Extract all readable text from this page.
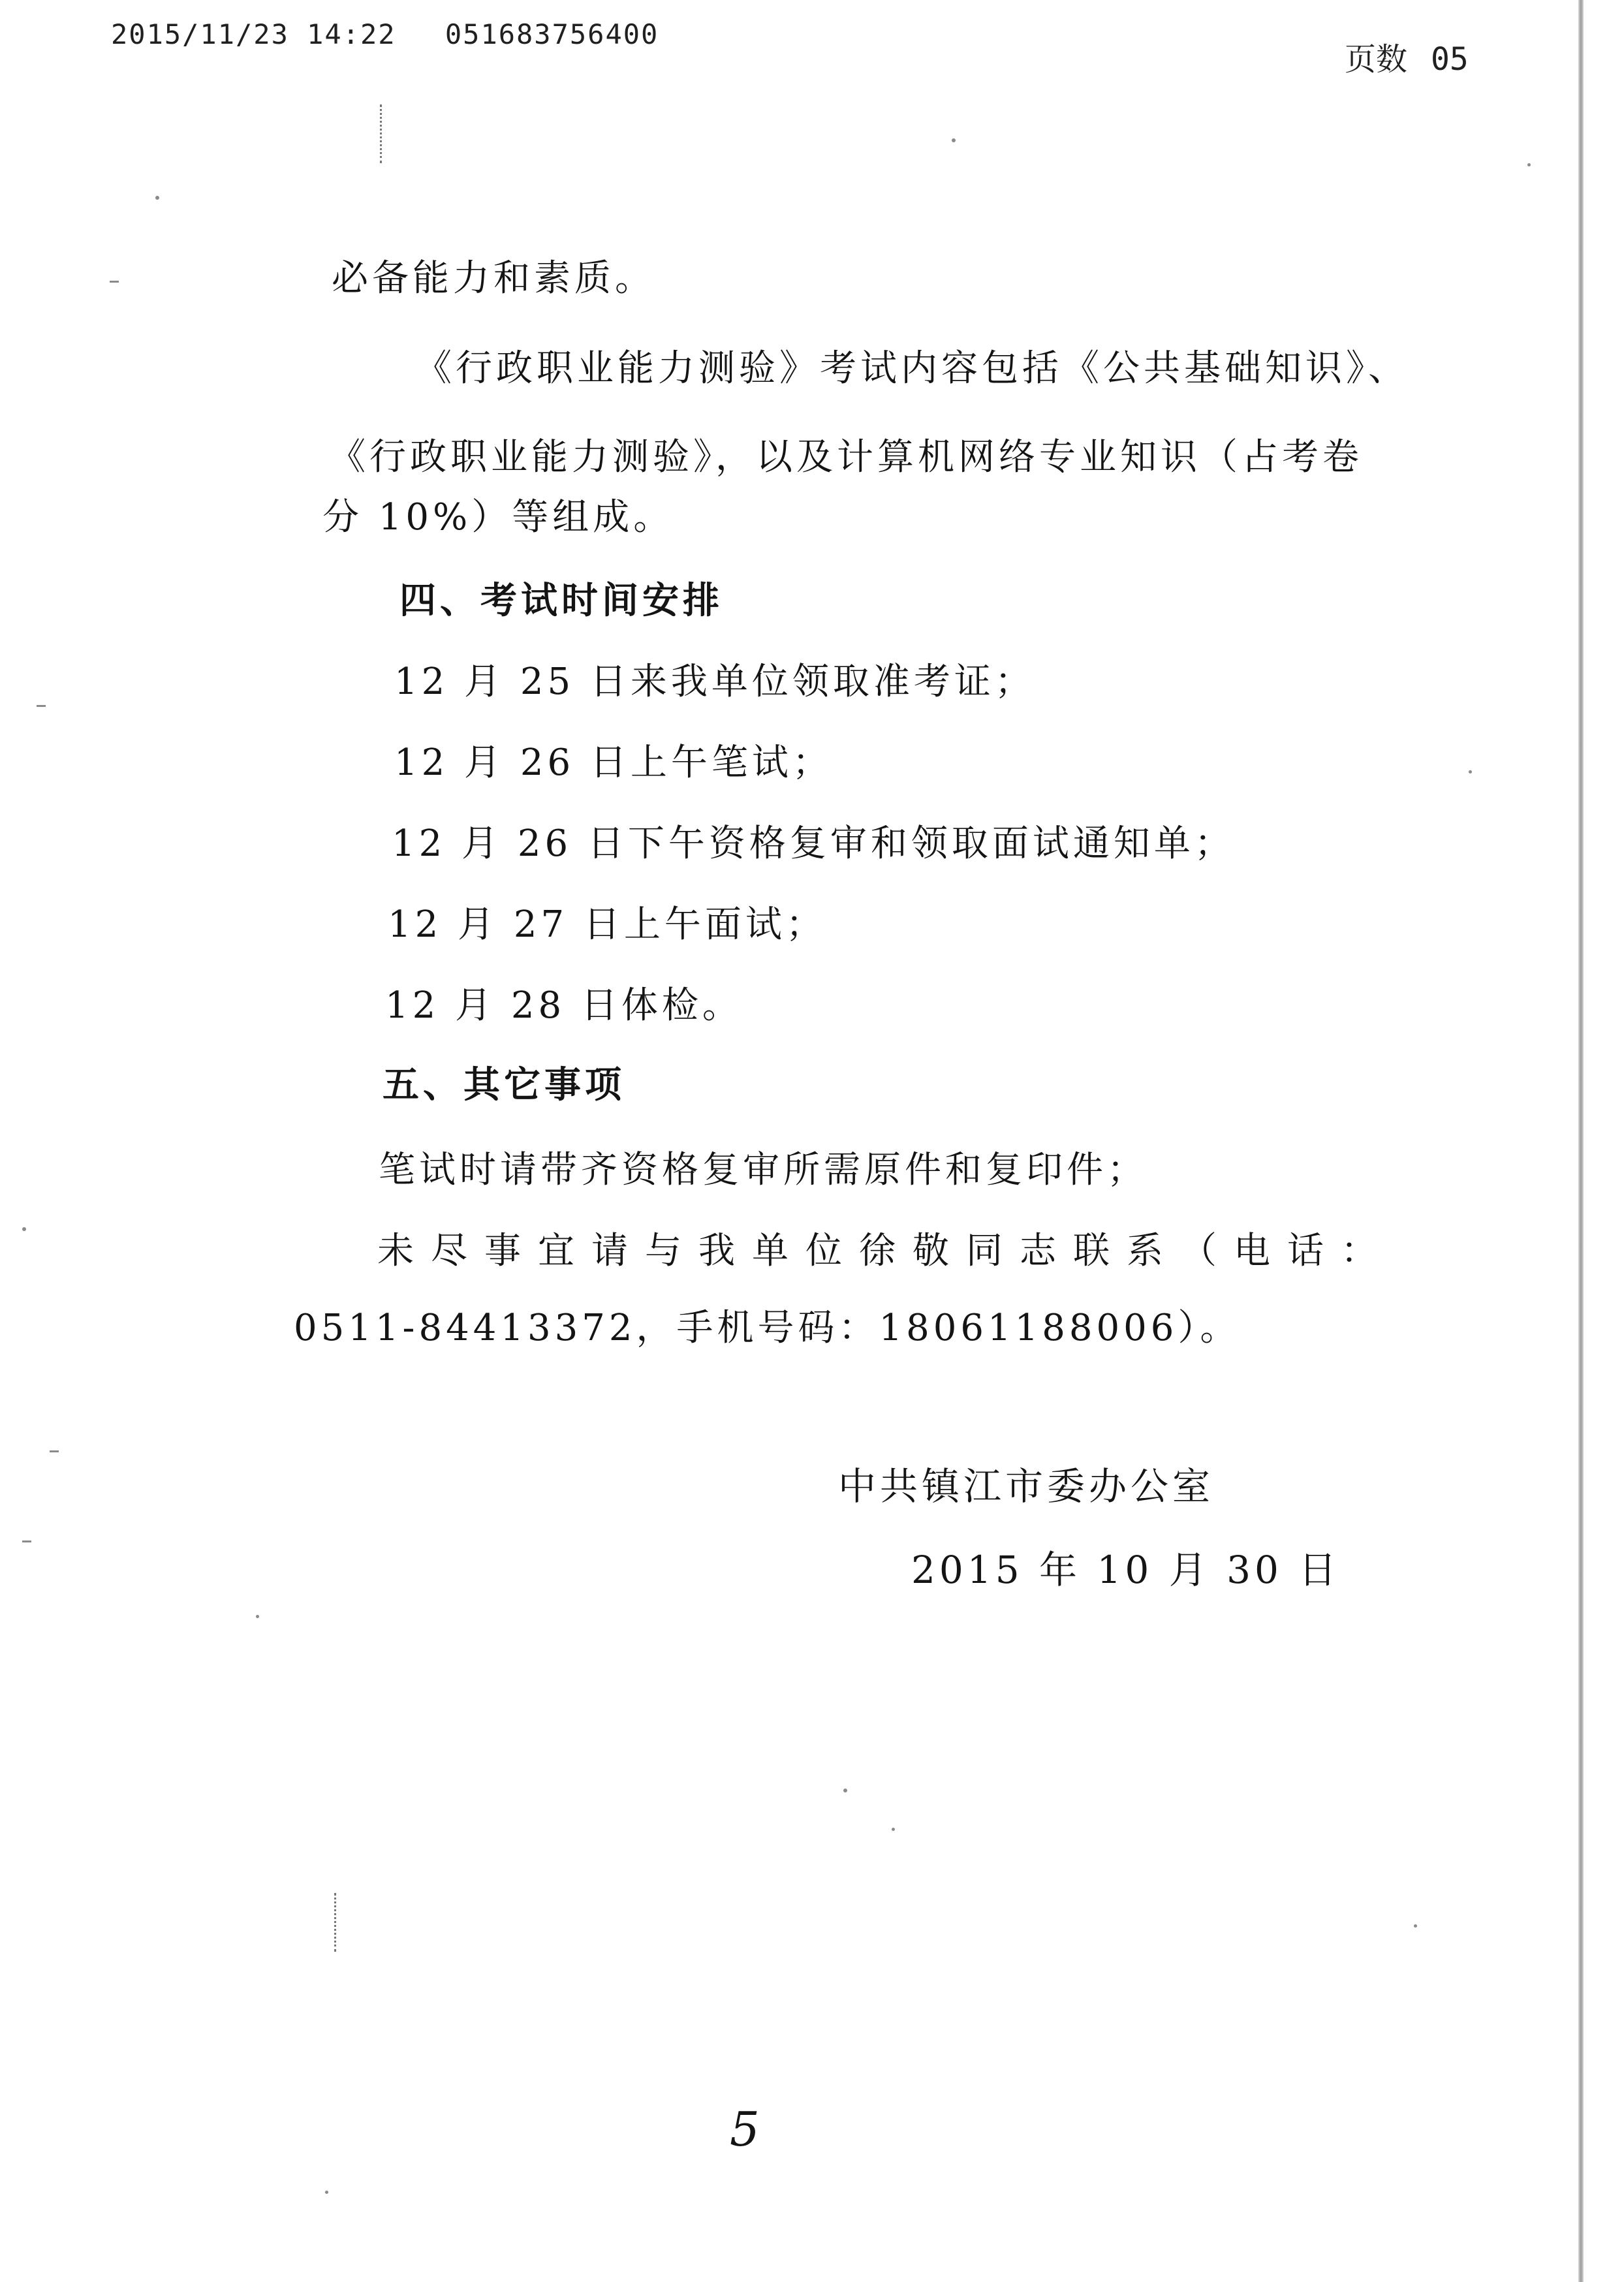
2015/11/23 14:22 051683756400
页数 05
必备能力和素质。
《行政职业能力测验》考试内容包括《公共基础知识》、
《行政职业能力测验》，以及计算机网络专业知识（占考卷
分 10%）等组成。
四、考试时间安排
12 月 25 日来我单位领取准考证；
12 月 26 日上午笔试；
12 月 26 日下午资格复审和领取面试通知单；
12 月 27 日上午面试；
12 月 28 日体检。
五、其它事项
笔试时请带齐资格复审所需原件和复印件；
未尽事宜请与我单位徐敬同志联系（电话：
0511-84413372，手机号码：18061188006）。
中共镇江市委办公室
2015 年 10 月 30 日
5
